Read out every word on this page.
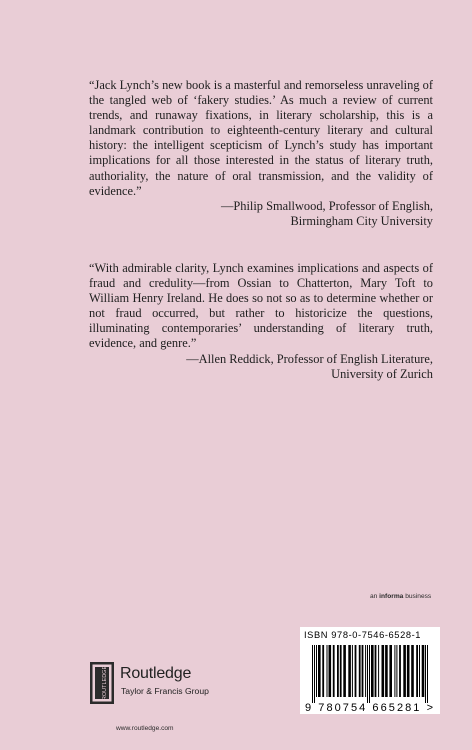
“Jack Lynch’s new book is a masterful and remorseless unraveling of the tangled web of ‘fakery studies.’ As much a review of current trends, and runaway fixations, in literary scholarship, this is a landmark contribution to eighteenth-century literary and cultural history: the intelligent scepticism of Lynch’s study has important implications for all those interested in the status of literary truth, authoriality, the nature of oral transmission, and the validity of evidence.”

—Philip Smallwood, Professor of English,

Birmingham City University

“With admirable clarity, Lynch examines implications and aspects of fraud and credulity—from Ossian to Chatterton, Mary Toft to William Henry Ireland. He does so not so as to determine whether or not fraud occurred, but rather to historicize the questions, illuminating contemporaries’ understanding of literary truth, evidence, and genre.”

—Allen Reddick, Professor of English Literature,

University of Zurich

an informa business
ISBN 978-0-7546-6528-1
9 780754 665281 >
ROUTLEDGE Routledge
Taylor & Francis Group
www.routledge.com
